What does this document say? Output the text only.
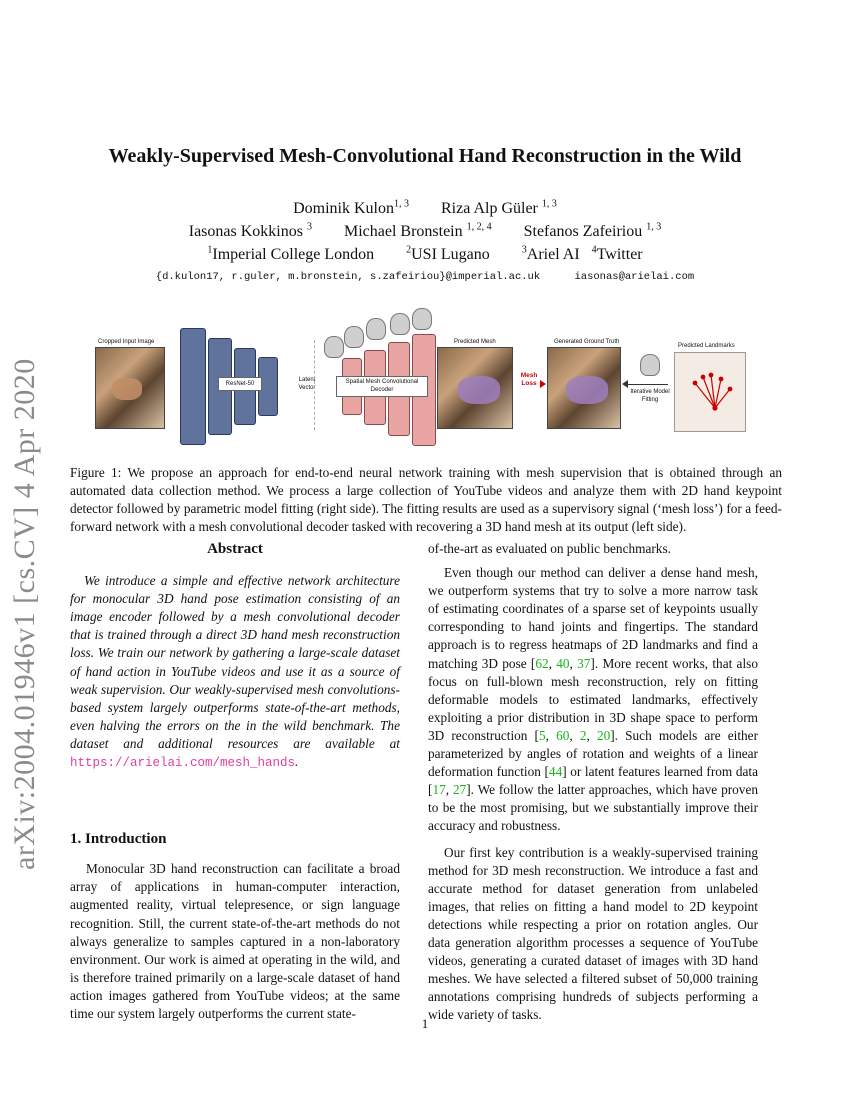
arXiv:2004.01946v1 [cs.CV] 4 Apr 2020
Weakly-Supervised Mesh-Convolutional Hand Reconstruction in the Wild
Dominik Kulon$^{1, 3}$ Riza Alp Güler $^{1, 3}$
Iasonas Kokkinos $^3$ Michael Bronstein $^{1, 2, 4}$ Stefanos Zafeiriou $^{1, 3}$
$^1$Imperial College London	$^2$USI Lugano	$^3$Ariel AI $^4$Twitter
{d.kulon17, r.guler, m.bronstein, s.zafeiriou}@imperial.ac.uk	iasonas@arielai.com
Cropped Input Image
ResNet-50
Latent Vector
Spatial Mesh Convolutional Decoder
Predicted Mesh
Mesh Loss
Generated Ground Truth
Iterative Model Fitting
Predicted Landmarks
Figure 1: We propose an approach for end-to-end neural network training with mesh supervision that is obtained through an automated data collection method. We process a large collection of YouTube videos and analyze them with 2D hand keypoint detector followed by parametric model fitting (right side). The fitting results are used as a supervisory signal (‘mesh loss’) for a feed-forward network with a mesh convolutional decoder tasked with recovering a 3D hand mesh at its output (left side).
Abstract
We introduce a simple and effective network architecture for monocular 3D hand pose estimation consisting of an image encoder followed by a mesh convolutional decoder that is trained through a direct 3D hand mesh reconstruction loss. We train our network by gathering a large-scale dataset of hand action in YouTube videos and use it as a source of weak supervision. Our weakly-supervised mesh convolutions-based system largely outperforms state-of-the-art methods, even halving the errors on the in the wild benchmark. The dataset and additional resources are available at https://arielai.com/mesh_hands.
1. Introduction

Monocular 3D hand reconstruction can facilitate a broad array of applications in human-computer interaction, augmented reality, virtual telepresence, or sign language recognition. Still, the current state-of-the-art methods do not always generalize to samples captured in a non-laboratory environment. Our work is aimed at operating in the wild, and is therefore trained primarily on a large-scale dataset of hand action images gathered from YouTube videos; at the same time our system largely outperforms the current state-

of-the-art as evaluated on public benchmarks.

Even though our method can deliver a dense hand mesh, we outperform systems that try to solve a more narrow task of estimating coordinates of a sparse set of keypoints usually corresponding to hand joints and fingertips. The standard approach is to regress heatmaps of 2D landmarks and find a matching 3D pose [62, 40, 37]. More recent works, that also focus on full-blown mesh reconstruction, rely on fitting deformable models to estimated landmarks, effectively exploiting a prior distribution in 3D shape space to perform 3D reconstruction [5, 60, 2, 20]. Such models are either parameterized by angles of rotation and weights of a linear deformation function [44] or latent features learned from data [17, 27]. We follow the latter approaches, which have proven to be the most promising, but we substantially improve their accuracy and robustness.

Our first key contribution is a weakly-supervised training method for 3D mesh reconstruction. We introduce a fast and accurate method for dataset generation from unlabeled images, that relies on fitting a hand model to 2D keypoint detections while respecting a prior on rotation angles. Our data generation algorithm processes a sequence of YouTube videos, generating a curated dataset of images with 3D hand meshes. We have selected a filtered subset of 50,000 training annotations comprising hundreds of subjects performing a wide variety of tasks.

1
